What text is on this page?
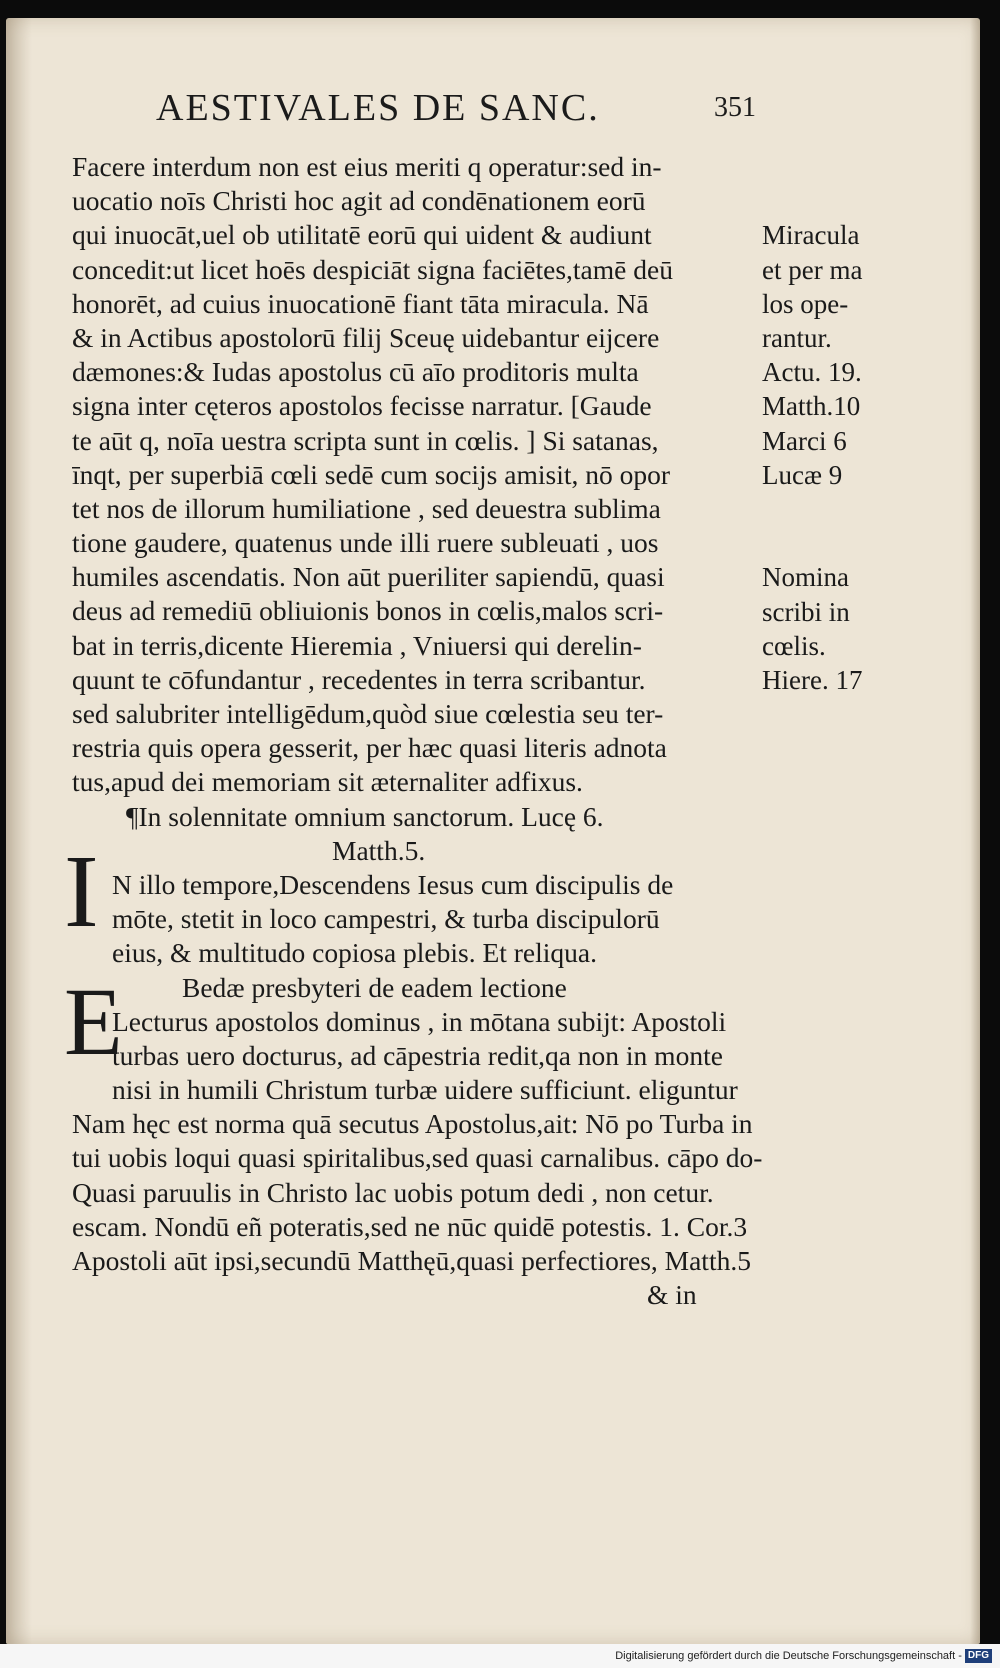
AESTIVALES DE SANC.	351
Facere interdum non est eius meriti q operatur:sed in-
uocatio noīs Christi hoc agit ad condēnationem eorū
qui inuocāt,uel ob utilitatē eorū qui uident & audiunt
concedit:ut licet hoēs despiciāt signa faciētes,tamē deū
honorēt, ad cuius inuocationē fiant tāta miracula. Nā
& in Actibus apostolorū filij Sceuę uidebantur eijcere
dæmones:& Iudas apostolus cū aīo proditoris multa
signa inter cęteros apostolos fecisse narratur. [Gaude
te aūt q, noīa uestra scripta sunt in cœlis. ] Si satanas,
īnqt, per superbiā cœli sedē cum socijs amisit, nō opor
tet nos de illorum humiliatione , sed deuestra sublima
tione gaudere, quatenus unde illi ruere subleuati , uos
humiles ascendatis. Non aūt pueriliter sapiendū, quasi
deus ad remediū obliuionis bonos in cœlis,malos scri-
bat in terris,dicente Hieremia , Vniuersi qui derelin-
quunt te cōfundantur , recedentes in terra scribantur.
sed salubriter intelligēdum,quòd siue cœlestia seu ter-
restria quis opera gesserit, per hæc quasi literis adnota
tus,apud dei memoriam sit æternaliter adfixus.
¶In solennitate omnium sanctorum. Lucę 6.
Matth.5.
N illo tempore,Descendens Iesus cum discipulis de
mōte, stetit in loco campestri, & turba discipulorū
eius, & multitudo copiosa plebis. Et reliqua.
Bedæ presbyteri de eadem lectione
Lecturus apostolos dominus , in mōtana subijt: Apostoli
turbas uero docturus, ad cāpestria redit,qa non in monte
nisi in humili Christum turbæ uidere sufficiunt. eliguntur
Nam hęc est norma quā secutus Apostolus,ait: Nō po Turba in
tui uobis loqui quasi spiritalibus,sed quasi carnalibus. cāpo do-
Quasi paruulis in Christo lac uobis potum dedi , non cetur.
escam. Nondū eñ poteratis,sed ne nūc quidē potestis. 1. Cor.3
Apostoli aūt ipsi,secundū Matthęū,quasi perfectiores, Matth.5
& in
I
E
Miracula
et per ma
los ope-
rantur.
Actu. 19.
Matth.10
Marci 6
Lucæ 9
Nomina
scribi in
cœlis.
Hiere. 17
Digitalisierung gefördert durch die Deutsche Forschungsgemeinschaft - DFG
